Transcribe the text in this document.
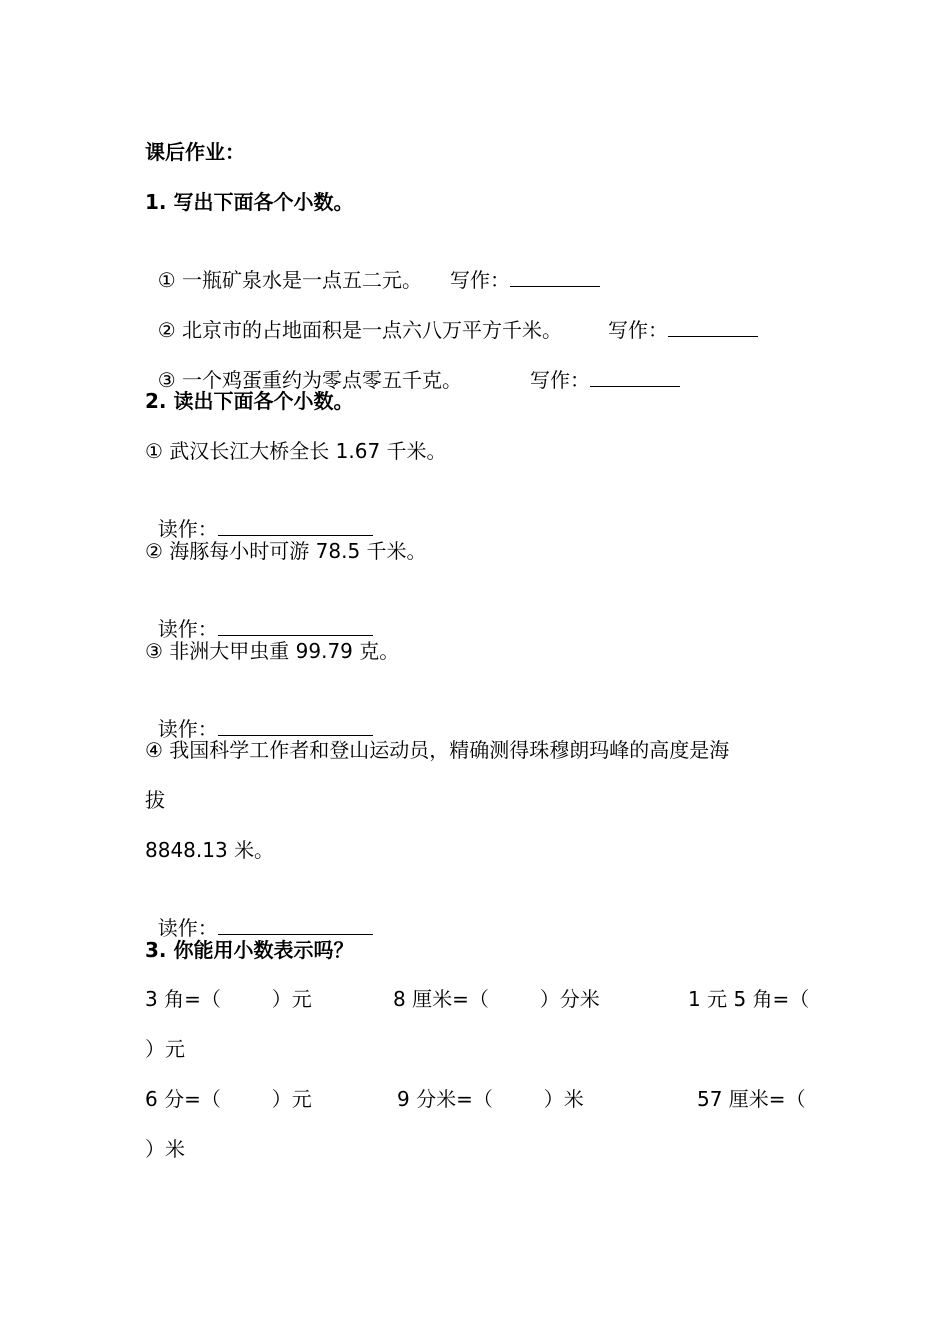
课后作业：
1. 写出下面各个小数。

① 一瓶矿泉水是一点五二元。 写作：

② 北京市的占地面积是一点六八万平方千米。 写作：

③ 一个鸡蛋重约为零点零五千克。	写作：

2. 读出下面各个小数。
① 武汉长江大桥全长 1.67 千米。

读作：

② 海豚每小时可游 78.5 千米。

读作：

③ 非洲大甲虫重 99.79 克。

读作：

④ 我国科学工作者和登山运动员，精确测得珠穆朗玛峰的高度是海
拔
8848.13 米。

读作：

3. 你能用小数表示吗？
3 角=（        ）元	8 厘米=（        ）分米	1 元 5 角=（
）元
6 分=（        ）元	9 分米=（        ）米	57 厘米=（
）米
